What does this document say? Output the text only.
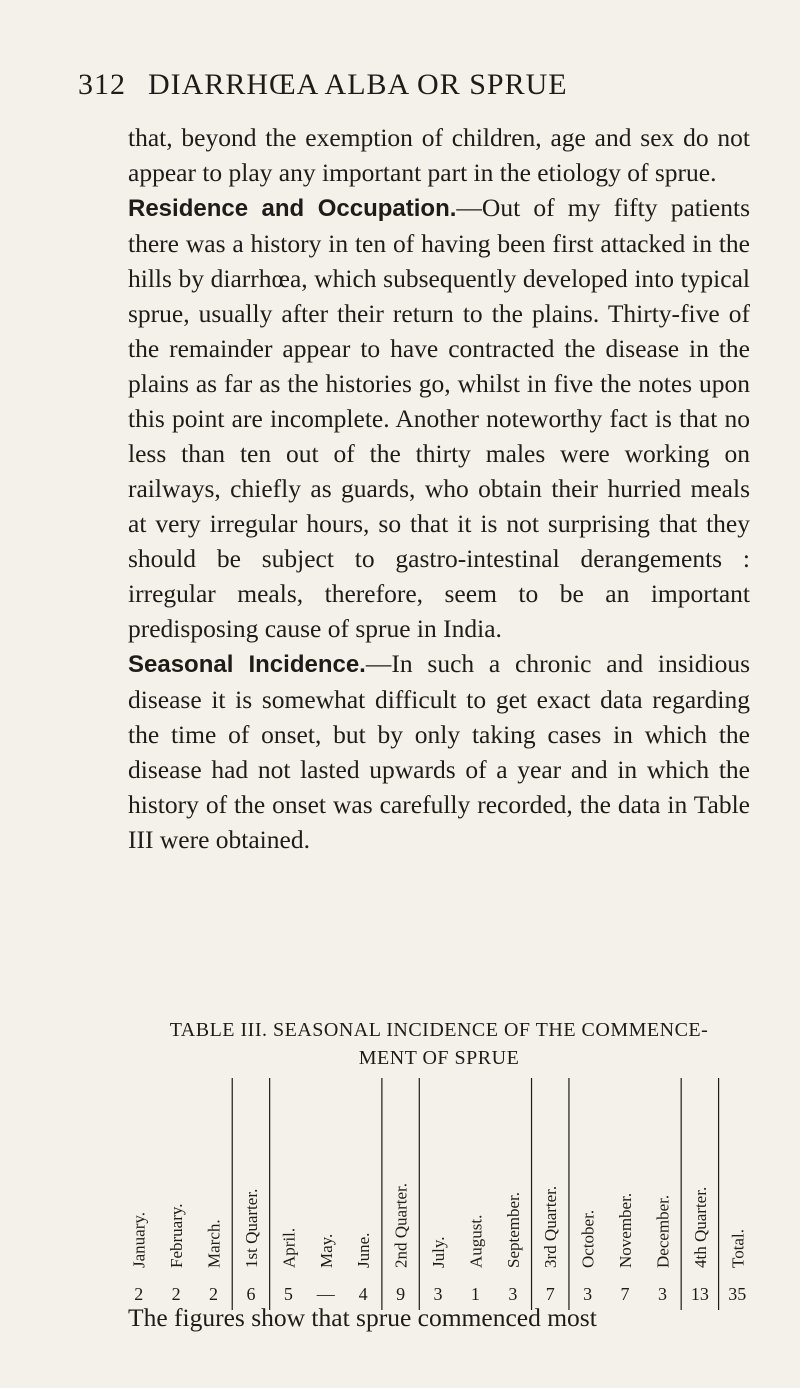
312 DIARRHŒA ALBA OR SPRUE

that, beyond the exemption of children, age and sex do not appear to play any important part in the etiology of sprue.

Residence and Occupation.—Out of my fifty patients there was a history in ten of having been first attacked in the hills by diarrhœa, which subsequently developed into typical sprue, usually after their return to the plains. Thirty-five of the remainder appear to have contracted the disease in the plains as far as the histories go, whilst in five the notes upon this point are incomplete. Another noteworthy fact is that no less than ten out of the thirty males were working on railways, chiefly as guards, who obtain their hurried meals at very irregular hours, so that it is not surprising that they should be subject to gastro-intestinal derangements : irregular meals, therefore, seem to be an important predisposing cause of sprue in India.

Seasonal Incidence.—In such a chronic and insidious disease it is somewhat difficult to get exact data regarding the time of onset, but by only taking cases in which the disease had not lasted upwards of a year and in which the history of the onset was carefully recorded, the data in Table III were obtained.

TABLE III. SEASONAL INCIDENCE OF THE COMMENCE-
MENT OF SPRUE
January.
2
February.
2
March.
2
1st Quarter.
6
April.
5
May.
—
June.
4
2nd Quarter.
9
July.
3
August.
1
September.
3
3rd Quarter.
7
October.
3
November.
7
December.
3
4th Quarter.
13
Total.
35
The figures show that sprue commenced most
